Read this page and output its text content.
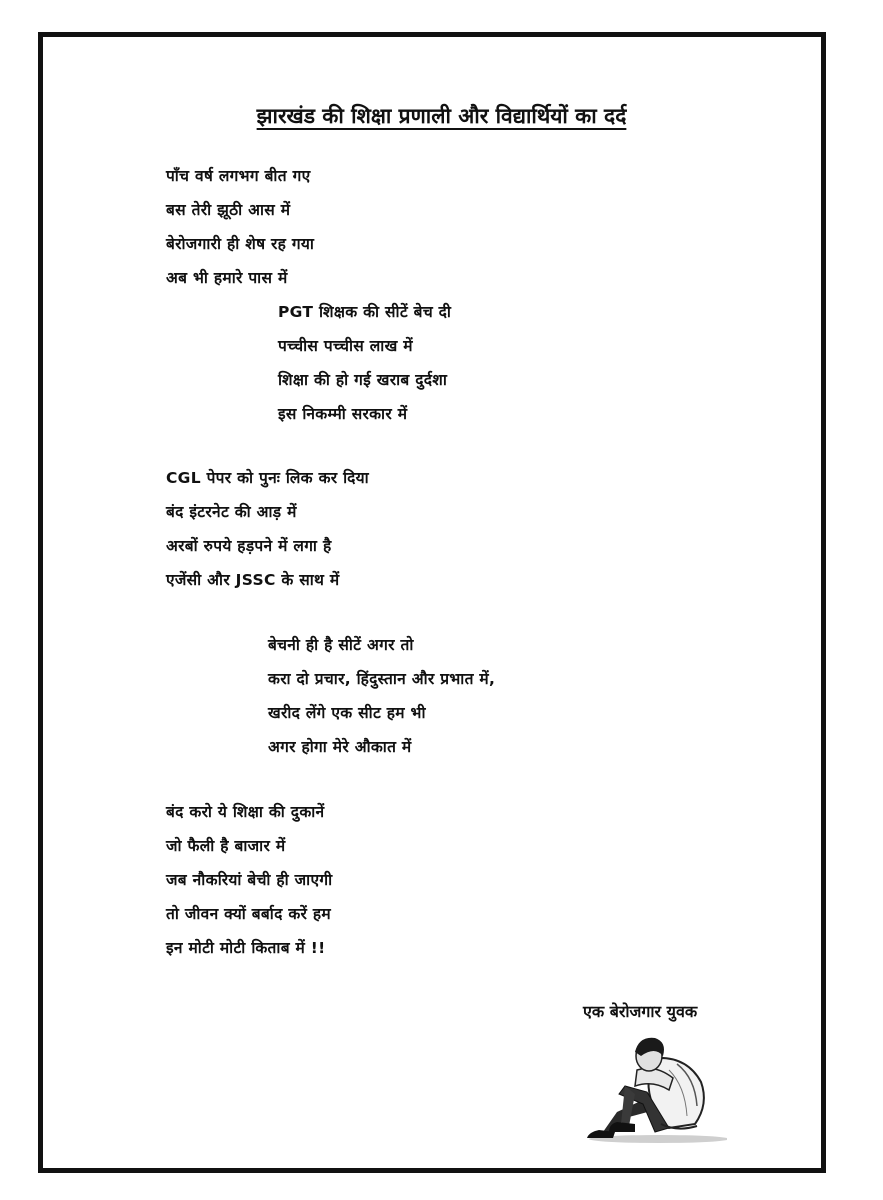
झारखंड की शिक्षा प्रणाली और विद्यार्थियों का दर्द
पाँच वर्ष लगभग बीत गए
बस तेरी झूठी आस में
बेरोजगारी ही शेष रह गया
अब भी हमारे पास में
PGT शिक्षक की सीटें बेच दी
पच्चीस पच्चीस लाख में
शिक्षा की हो गई खराब दुर्दशा
इस निकम्मी सरकार में
CGL पेपर को पुनः लिक कर दिया
बंद इंटरनेट की आड़ में
अरबों रुपये हड़पने में लगा है
एजेंसी और JSSC के साथ में
बेचनी ही है सीटें अगर तो
करा दो प्रचार, हिंदुस्तान और प्रभात में,
खरीद लेंगे एक सीट हम भी
अगर होगा मेरे औकात में
बंद करो ये शिक्षा की दुकानें
जो फैली है बाजार में
जब नौकरियां बेची ही जाएगी
तो जीवन क्यों बर्बाद करें हम
इन मोटी मोटी किताब में !!
एक बेरोजगार युवक
